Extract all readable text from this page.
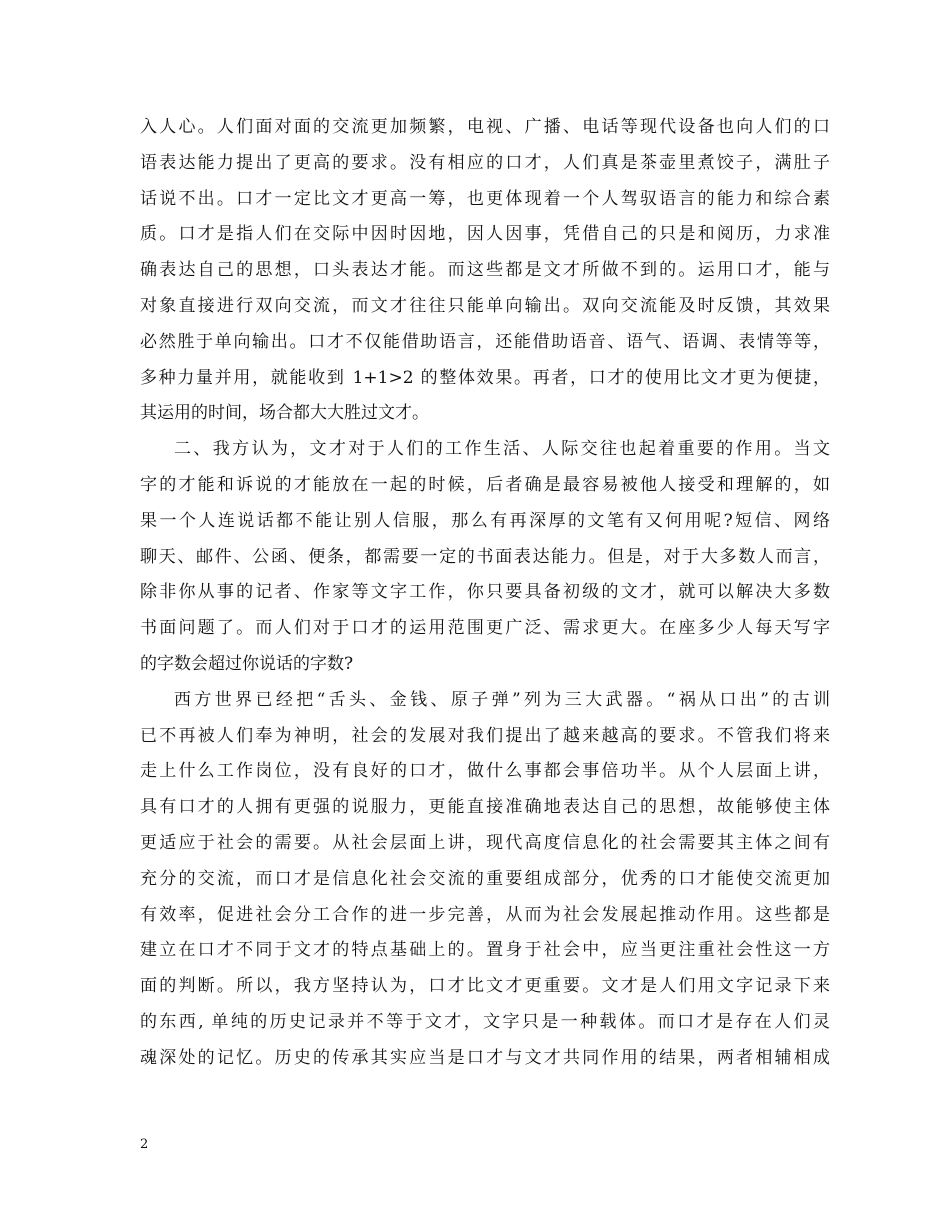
入人心。人们面对面的交流更加频繁，电视、广播、电话等现代设备也向人们的口
语表达能力提出了更高的要求。没有相应的口才，人们真是茶壶里煮饺子，满肚子
话说不出。口才一定比文才更高一筹，也更体现着一个人驾驭语言的能力和综合素
质。口才是指人们在交际中因时因地，因人因事，凭借自己的只是和阅历，力求准
确表达自己的思想，口头表达才能。而这些都是文才所做不到的。运用口才，能与
对象直接进行双向交流，而文才往往只能单向输出。双向交流能及时反馈，其效果
必然胜于单向输出。口才不仅能借助语言，还能借助语音、语气、语调、表情等等，
多种力量并用，就能收到 1+1>2 的整体效果。再者，口才的使用比文才更为便捷，
其运用的时间，场合都大大胜过文才。
二、我方认为，文才对于人们的工作生活、人际交往也起着重要的作用。当文
字的才能和诉说的才能放在一起的时候，后者确是最容易被他人接受和理解的，如
果一个人连说话都不能让别人信服，那么有再深厚的文笔有又何用呢?短信、网络
聊天、邮件、公函、便条，都需要一定的书面表达能力。但是，对于大多数人而言，
除非你从事的记者、作家等文字工作，你只要具备初级的文才，就可以解决大多数
书面问题了。而人们对于口才的运用范围更广泛、需求更大。在座多少人每天写字
的字数会超过你说话的字数?
西方世界已经把“舌头、金钱、原子弹”列为三大武器。“祸从口出”的古训
已不再被人们奉为神明，社会的发展对我们提出了越来越高的要求。不管我们将来
走上什么工作岗位，没有良好的口才，做什么事都会事倍功半。从个人层面上讲，
具有口才的人拥有更强的说服力，更能直接准确地表达自己的思想，故能够使主体
更适应于社会的需要。从社会层面上讲，现代高度信息化的社会需要其主体之间有
充分的交流，而口才是信息化社会交流的重要组成部分，优秀的口才能使交流更加
有效率，促进社会分工合作的进一步完善，从而为社会发展起推动作用。这些都是
建立在口才不同于文才的特点基础上的。置身于社会中，应当更注重社会性这一方
面的判断。所以，我方坚持认为，口才比文才更重要。文才是人们用文字记录下来
的东西, 单纯的历史记录并不等于文才，文字只是一种载体。而口才是存在人们灵
魂深处的记忆。历史的传承其实应当是口才与文才共同作用的结果，两者相辅相成
2
